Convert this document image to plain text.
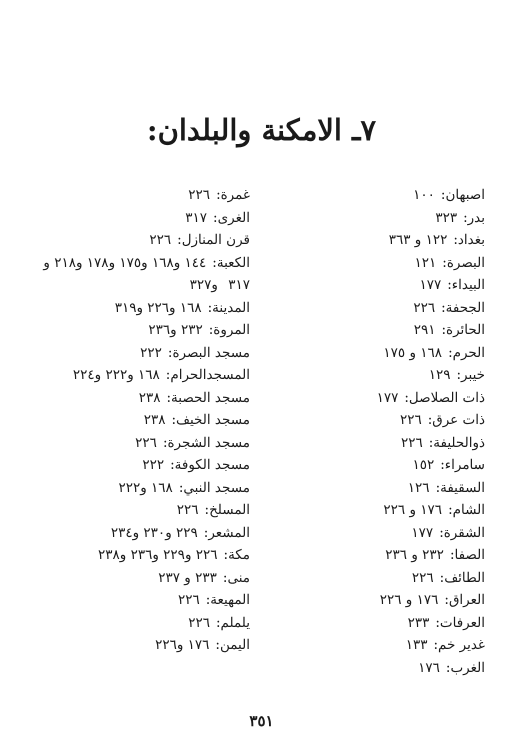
٧ـ الامكنة والبلدان:
اصبهان:١٠٠
بدر:٣٢٣
بغداد:١٢٢ و ٣٦٣
البصرة:١٢١
البيداء:١٧٧
الجحفة:٢٢٦
الحائرة:٢٩١
الحرم:١٦٨ و ١٧٥
خيبر:١٢٩
ذات الصلاصل:١٧٧
ذات عرق:٢٢٦
ذوالحليفة:٢٢٦
سامراء:١٥٢
السقيفة:١٢٦
الشام:١٧٦ و ٢٢٦
الشقرة:١٧٧
الصفا:٢٣٢ و ٢٣٦
الطائف:٢٢٦
العراق:١٧٦ و ٢٢٦
العرفات:٢٣٣
غدير خم:١٣٣
الغرب:١٧٦
غمرة:٢٢٦
الغرى:٣١٧
قرن المنازل:٢٢٦
الكعبة:١٤٤ و١٦٨ و١٧٥ و١٧٨ و٢١٨ و
٣١٧ و٣٢٧
المدينة:١٦٨ و٢٢٦ و٣١٩
المروة:٢٣٢ و٢٣٦
مسجد البصرة:٢٢٢
المسجدالحرام:١٦٨ و٢٢٢ و٢٢٤
مسجد الحصبة:٢٣٨
مسجد الخيف:٢٣٨
مسجد الشجرة:٢٢٦
مسجد الكوفة:٢٢٢
مسجد النبي:١٦٨ و٢٢٢
المسلخ:٢٢٦
المشعر:٢٢٩ و٢٣٠ و٢٣٤
مكة:٢٢٦ و٢٢٩ و٢٣٦ و٢٣٨
منى:٢٣٣ و ٢٣٧
المهيعة:٢٢٦
يلملم:٢٢٦
اليمن:١٧٦ و٢٢٦
٣٥١
